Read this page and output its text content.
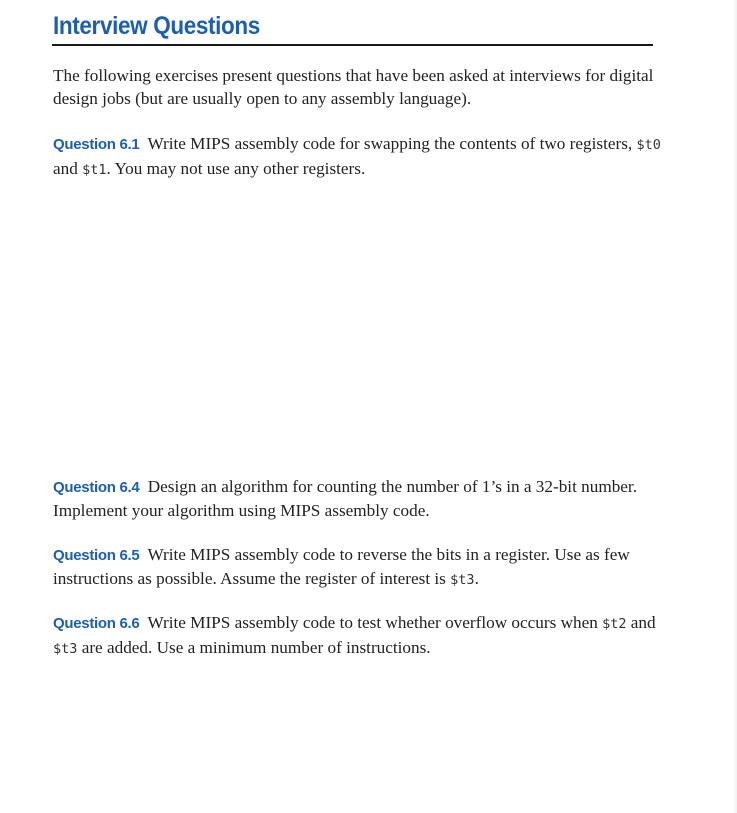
Interview Questions

The following exercises present questions that have been asked at interviews for digital design jobs (but are usually open to any assembly language).

Question 6.1 Write MIPS assembly code for swapping the contents of two registers, $t0 and $t1. You may not use any other registers.

Question 6.4 Design an algorithm for counting the number of 1’s in a 32-bit number. Implement your algorithm using MIPS assembly code.

Question 6.5 Write MIPS assembly code to reverse the bits in a register. Use as few instructions as possible. Assume the register of interest is $t3.

Question 6.6 Write MIPS assembly code to test whether overflow occurs when $t2 and $t3 are added. Use a minimum number of instructions.
